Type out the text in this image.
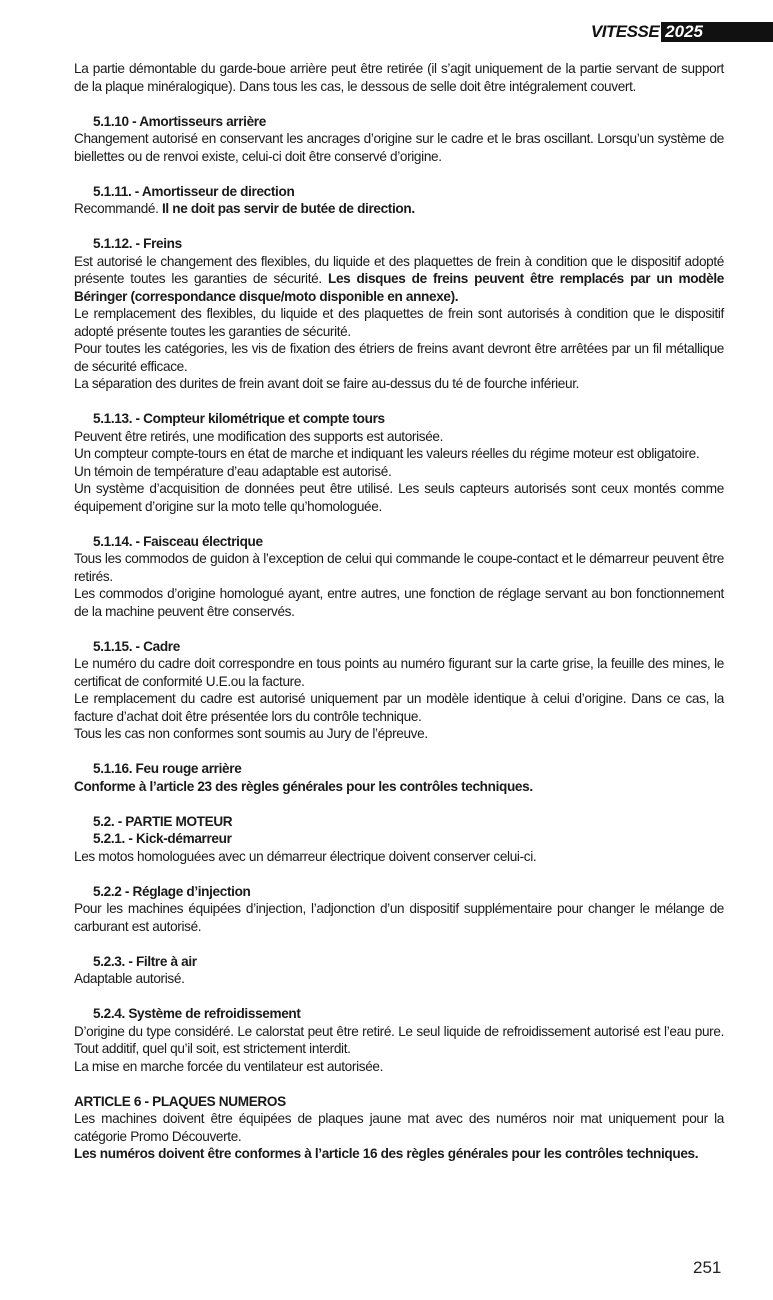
VITESSE 2025

La partie démontable du garde-boue arrière peut être retirée (il s’agit uniquement de la partie servant de support de la plaque minéralogique). Dans tous les cas, le dessous de selle doit être intégralement couvert.

5.1.10 - Amortisseurs arrière

Changement autorisé en conservant les ancrages d’origine sur le cadre et le bras oscillant. Lorsqu’un système de biellettes ou de renvoi existe, celui-ci doit être conservé d’origine.

5.1.11. - Amortisseur de direction

Recommandé. Il ne doit pas servir de butée de direction.

5.1.12. - Freins

Est autorisé le changement des flexibles, du liquide et des plaquettes de frein à condition que le dispositif adopté présente toutes les garanties de sécurité. Les disques de freins peuvent être remplacés par un modèle Béringer (correspondance disque/moto disponible en annexe).

Le remplacement des flexibles, du liquide et des plaquettes de frein sont autorisés à condition que le dispositif adopté présente toutes les garanties de sécurité.

Pour toutes les catégories, les vis de fixation des étriers de freins avant devront être arrêtées par un fil métallique de sécurité efficace.

La séparation des durites de frein avant doit se faire au-dessus du té de fourche inférieur.

5.1.13. - Compteur kilométrique et compte tours

Peuvent être retirés, une modification des supports est autorisée.

Un compteur compte-tours en état de marche et indiquant les valeurs réelles du régime moteur est obligatoire.

Un témoin de température d’eau adaptable est autorisé.

Un système d’acquisition de données peut être utilisé. Les seuls capteurs autorisés sont ceux montés comme équipement d’origine sur la moto telle qu’homologuée.

5.1.14. - Faisceau électrique

Tous les commodos de guidon à l’exception de celui qui commande le coupe-contact et le démarreur peuvent être retirés.

Les commodos d’origine homologué ayant, entre autres, une fonction de réglage servant au bon fonctionnement de la machine peuvent être conservés.

5.1.15. - Cadre

Le numéro du cadre doit correspondre en tous points au numéro figurant sur la carte grise, la feuille des mines, le certificat de conformité U.E.ou la facture.

Le remplacement du cadre est autorisé uniquement par un modèle identique à celui d’origine. Dans ce cas, la facture d’achat doit être présentée lors du contrôle technique.

Tous les cas non conformes sont soumis au Jury de l’épreuve.

5.1.16. Feu rouge arrière

Conforme à l’article 23 des règles générales pour les contrôles techniques.

5.2. - PARTIE MOTEUR

5.2.1. - Kick-démarreur

Les motos homologuées avec un démarreur électrique doivent conserver celui-ci.

5.2.2 - Réglage d’injection

Pour les machines équipées d’injection, l’adjonction d’un dispositif supplémentaire pour changer le mélange de carburant est autorisé.

5.2.3. - Filtre à air

Adaptable autorisé.

5.2.4. Système de refroidissement

D’origine du type considéré. Le calorstat peut être retiré. Le seul liquide de refroidissement autorisé est l’eau pure. Tout additif, quel qu’il soit, est strictement interdit.

La mise en marche forcée du ventilateur est autorisée.

ARTICLE 6 - PLAQUES NUMEROS

Les machines doivent être équipées de plaques jaune mat avec des numéros noir mat uniquement pour la catégorie Promo Découverte.

Les numéros doivent être conformes à l’article 16 des règles générales pour les contrôles techniques.

251
